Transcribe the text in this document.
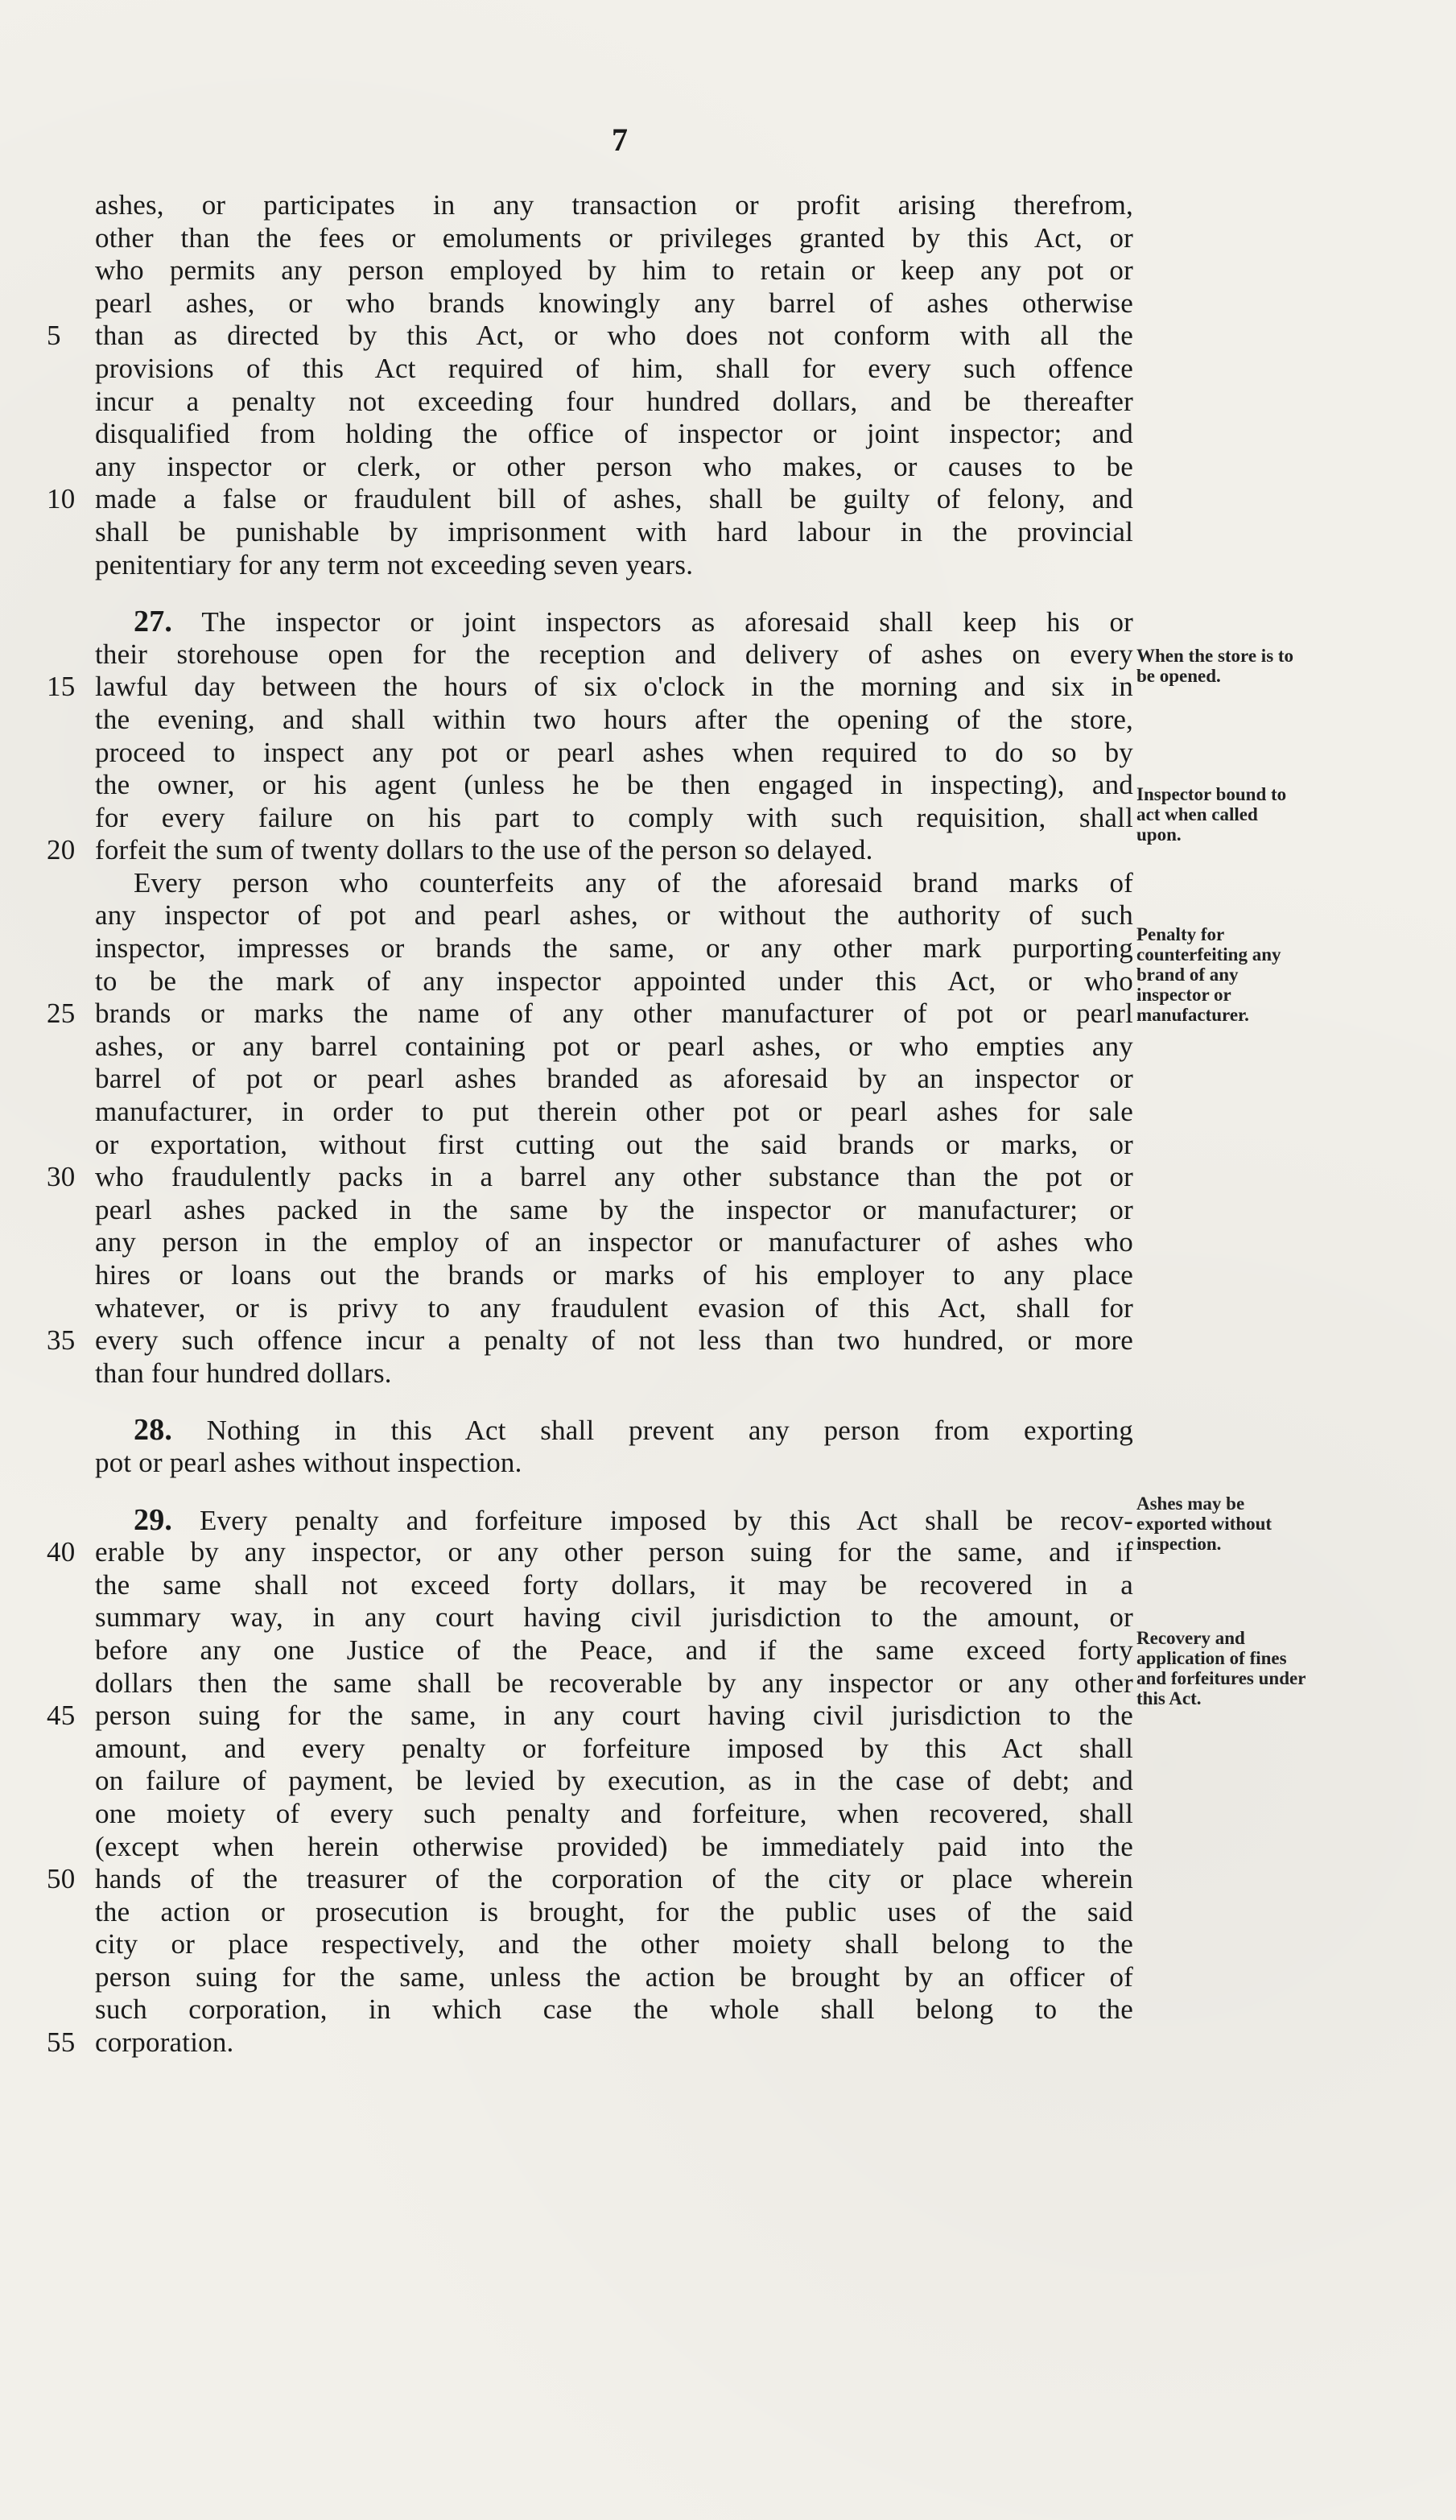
7
ashes, or participates in any transaction or profit arising therefrom,
other than the fees or emoluments or privileges granted by this Act, or
who permits any person employed by him to retain or keep any pot or
pearl ashes, or who brands knowingly any barrel of ashes otherwise
5	than as directed by this Act, or who does not conform with all the
provisions of this Act required of him, shall for every such offence
incur a penalty not exceeding four hundred dollars, and be thereafter
disqualified from holding the office of inspector or joint inspector; and
any inspector or clerk, or other person who makes, or causes to be
10 made a false or fraudulent bill of ashes, shall be guilty of felony, and
shall be punishable by imprisonment with hard labour in the provincial
penitentiary for any term not exceeding seven years.
27. The inspector or joint inspectors as aforesaid shall keep his or
their storehouse open for the reception and delivery of ashes on every
15 lawful day between the hours of six o'clock in the morning and six in
the evening, and shall within two hours after the opening of the store,
proceed to inspect any pot or pearl ashes when required to do so by
the owner, or his agent (unless he be then engaged in inspecting), and
for every failure on his part to comply with such requisition, shall
20 forfeit the sum of twenty dollars to the use of the person so delayed.
Every person who counterfeits any of the aforesaid brand marks of
any inspector of pot and pearl ashes, or without the authority of such
inspector, impresses or brands the same, or any other mark purporting
to be the mark of any inspector appointed under this Act, or who
25 brands or marks the name of any other manufacturer of pot or pearl
ashes, or any barrel containing pot or pearl ashes, or who empties any
barrel of pot or pearl ashes branded as aforesaid by an inspector or
manufacturer, in order to put therein other pot or pearl ashes for sale
or exportation, without first cutting out the said brands or marks, or
30 who fraudulently packs in a barrel any other substance than the pot or
pearl ashes packed in the same by the inspector or manufacturer; or
any person in the employ of an inspector or manufacturer of ashes who
hires or loans out the brands or marks of his employer to any place
whatever, or is privy to any fraudulent evasion of this Act, shall for
35 every such offence incur a penalty of not less than two hundred, or more
than four hundred dollars.
28. Nothing in this Act shall prevent any person from exporting
pot or pearl ashes without inspection.
29. Every penalty and forfeiture imposed by this Act shall be recov-
40 erable by any inspector, or any other person suing for the same, and if
the same shall not exceed forty dollars, it may be recovered in a
summary way, in any court having civil jurisdiction to the amount, or
before any one Justice of the Peace, and if the same exceed forty
dollars then the same shall be recoverable by any inspector or any other
45 person suing for the same, in any court having civil jurisdiction to the
amount, and every penalty or forfeiture imposed by this Act shall
on failure of payment, be levied by execution, as in the case of debt; and
one moiety of every such penalty and forfeiture, when recovered, shall
(except when herein otherwise provided) be immediately paid into the
50 hands of the treasurer of the corporation of the city or place wherein
the action or prosecution is brought, for the public uses of the said
city or place respectively, and the other moiety shall belong to the
person suing for the same, unless the action be brought by an officer of
such corporation, in which case the whole shall belong to the
55 corporation.
When the store is to be opened.
Inspector bound to act when called upon.
Penalty for counterfeiting any brand of any inspector or manufacturer.
Ashes may be exported without inspection.
Recovery and application of fines and forfeitures under this Act.
